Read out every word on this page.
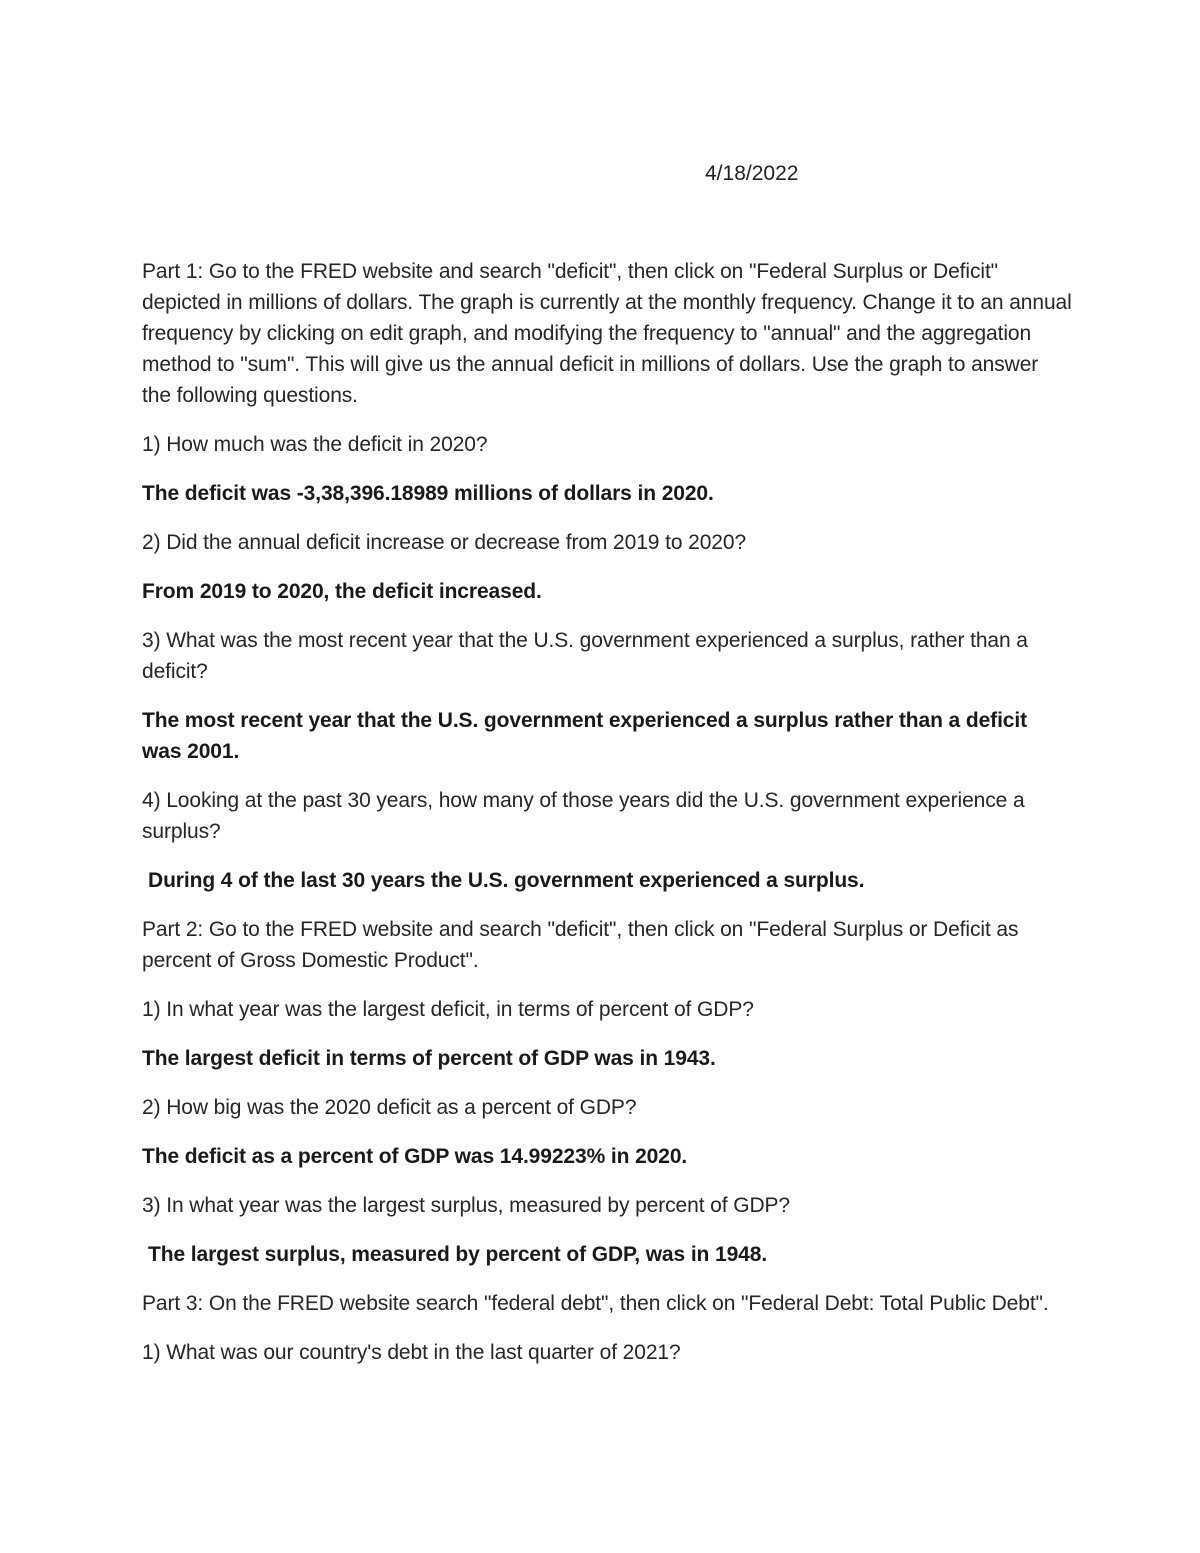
4/18/2022

Part 1: Go to the FRED website and search "deficit", then click on "Federal Surplus or Deficit" depicted in millions of dollars. The graph is currently at the monthly frequency. Change it to an annual frequency by clicking on edit graph, and modifying the frequency to "annual" and the aggregation method to "sum". This will give us the annual deficit in millions of dollars. Use the graph to answer the following questions.

1) How much was the deficit in 2020?

The deficit was -3,38,396.18989 millions of dollars in 2020.

2) Did the annual deficit increase or decrease from 2019 to 2020?

From 2019 to 2020, the deficit increased.

3) What was the most recent year that the U.S. government experienced a surplus, rather than a deficit?

The most recent year that the U.S. government experienced a surplus rather than a deficit was 2001.

4) Looking at the past 30 years, how many of those years did the U.S. government experience a surplus?

During 4 of the last 30 years the U.S. government experienced a surplus.

Part 2: Go to the FRED website and search "deficit", then click on "Federal Surplus or Deficit as percent of Gross Domestic Product".

1) In what year was the largest deficit, in terms of percent of GDP?

The largest deficit in terms of percent of GDP was in 1943.

2) How big was the 2020 deficit as a percent of GDP?

The deficit as a percent of GDP was 14.99223% in 2020.

3) In what year was the largest surplus, measured by percent of GDP?

The largest surplus, measured by percent of GDP, was in 1948.

Part 3: On the FRED website search "federal debt", then click on "Federal Debt: Total Public Debt".

1) What was our country's debt in the last quarter of 2021?
